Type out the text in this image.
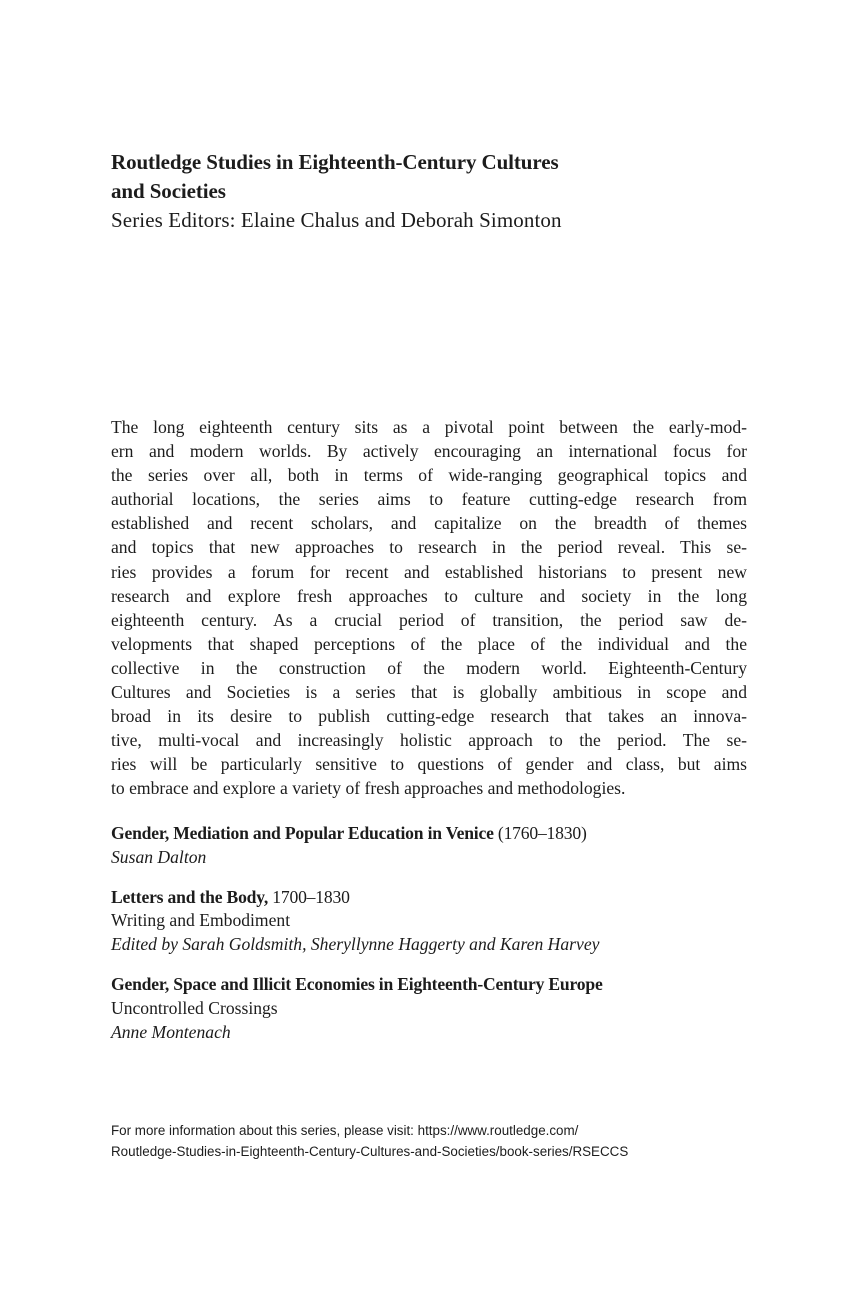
Routledge Studies in Eighteenth-Century Cultures
and Societies

Series Editors: Elaine Chalus and Deborah Simonton

The long eighteenth century sits as a pivotal point between the early-mod-
ern and modern worlds. By actively encouraging an international focus for
the series over all, both in terms of wide-ranging geographical topics and
authorial locations, the series aims to feature cutting-edge research from
established and recent scholars, and capitalize on the breadth of themes
and topics that new approaches to research in the period reveal. This se-
ries provides a forum for recent and established historians to present new
research and explore fresh approaches to culture and society in the long
eighteenth century. As a crucial period of transition, the period saw de-
velopments that shaped perceptions of the place of the individual and the
collective in the construction of the modern world. Eighteenth-Century
Cultures and Societies is a series that is globally ambitious in scope and
broad in its desire to publish cutting-edge research that takes an innova-
tive, multi-vocal and increasingly holistic approach to the period. The se-
ries will be particularly sensitive to questions of gender and class, but aims
to embrace and explore a variety of fresh approaches and methodologies.

Gender, Mediation and Popular Education in Venice (1760–1830)
Susan Dalton
Letters and the Body, 1700–1830
Writing and Embodiment
Edited by Sarah Goldsmith, Sheryllynne Haggerty and Karen Harvey
Gender, Space and Illicit Economies in Eighteenth-Century Europe
Uncontrolled Crossings
Anne Montenach
For more information about this series, please visit: https://www.routledge.com/
Routledge-Studies-in-Eighteenth-Century-Cultures-and-Societies/book-series/RSECCS
